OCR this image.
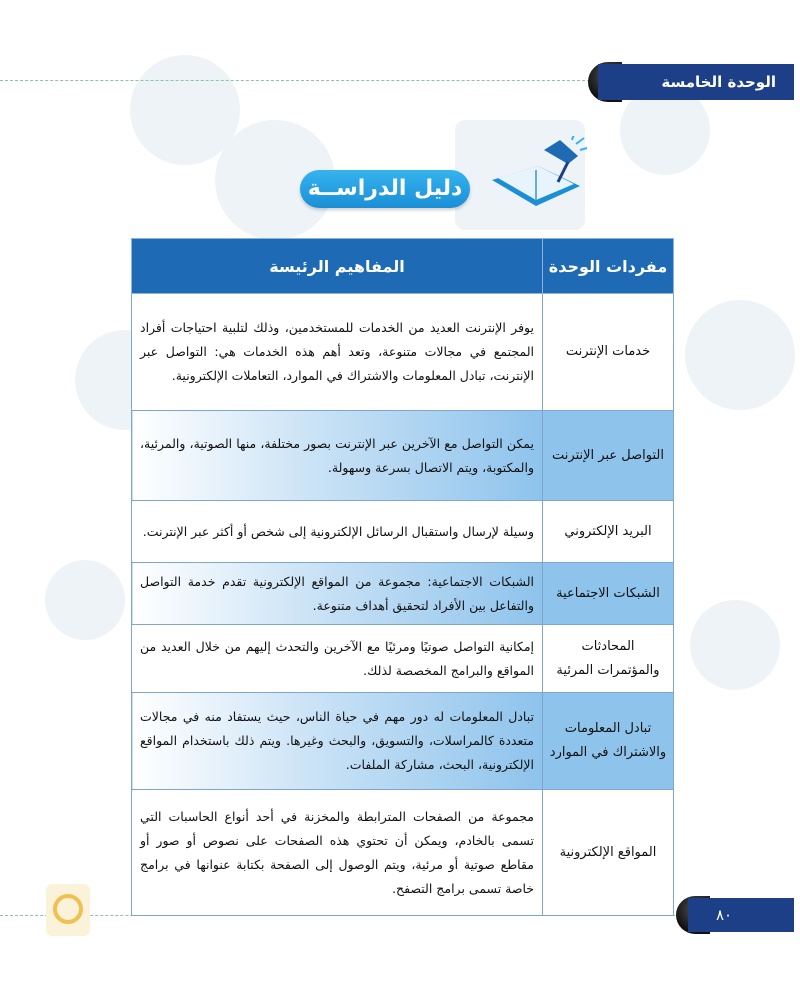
الوحدة الخامسة
دليل الدراســة
مفردات الوحدة	المفاهيم الرئيسة
خدمات الإنترنت	يوفر الإنترنت العديد من الخدمات للمستخدمين، وذلك لتلبية احتياجات أفراد المجتمع في مجالات متنوعة، وتعد أهم هذه الخدمات هي: التواصل عبر الإنترنت، تبادل المعلومات والاشتراك في الموارد، التعاملات الإلكترونية.
التواصل عبر الإنترنت	يمكن التواصل مع الآخرين عبر الإنترنت بصور مختلفة، منها الصوتية، والمرئية، والمكتوبة، ويتم الاتصال بسرعة وسهولة.
البريد الإلكتروني	وسيلة لإرسال واستقبال الرسائل الإلكترونية إلى شخص أو أكثر عبر الإنترنت.
الشبكات الاجتماعية	الشبكات الاجتماعية: مجموعة من المواقع الإلكترونية تقدم خدمة التواصل والتفاعل بين الأفراد لتحقيق أهداف متنوعة.
المحادثات والمؤتمرات المرئية	إمكانية التواصل صوتيًا ومرئيًا مع الآخرين والتحدث إليهم من خلال العديد من المواقع والبرامج المخصصة لذلك.
تبادل المعلومات والاشتراك في الموارد	تبادل المعلومات له دور مهم في حياة الناس، حيث يستفاد منه في مجالات متعددة كالمراسلات، والتسويق، والبحث وغيرها. ويتم ذلك باستخدام المواقع الإلكترونية، البحث، مشاركة الملفات.
المواقع الإلكترونية	مجموعة من الصفحات المترابطة والمخزنة في أحد أنواع الحاسبات التي تسمى بالخادم، ويمكن أن تحتوي هذه الصفحات على نصوص أو صور أو مقاطع صوتية أو مرئية، ويتم الوصول إلى الصفحة بكتابة عنوانها في برامج خاصة تسمى برامج التصفح.
٨٠
